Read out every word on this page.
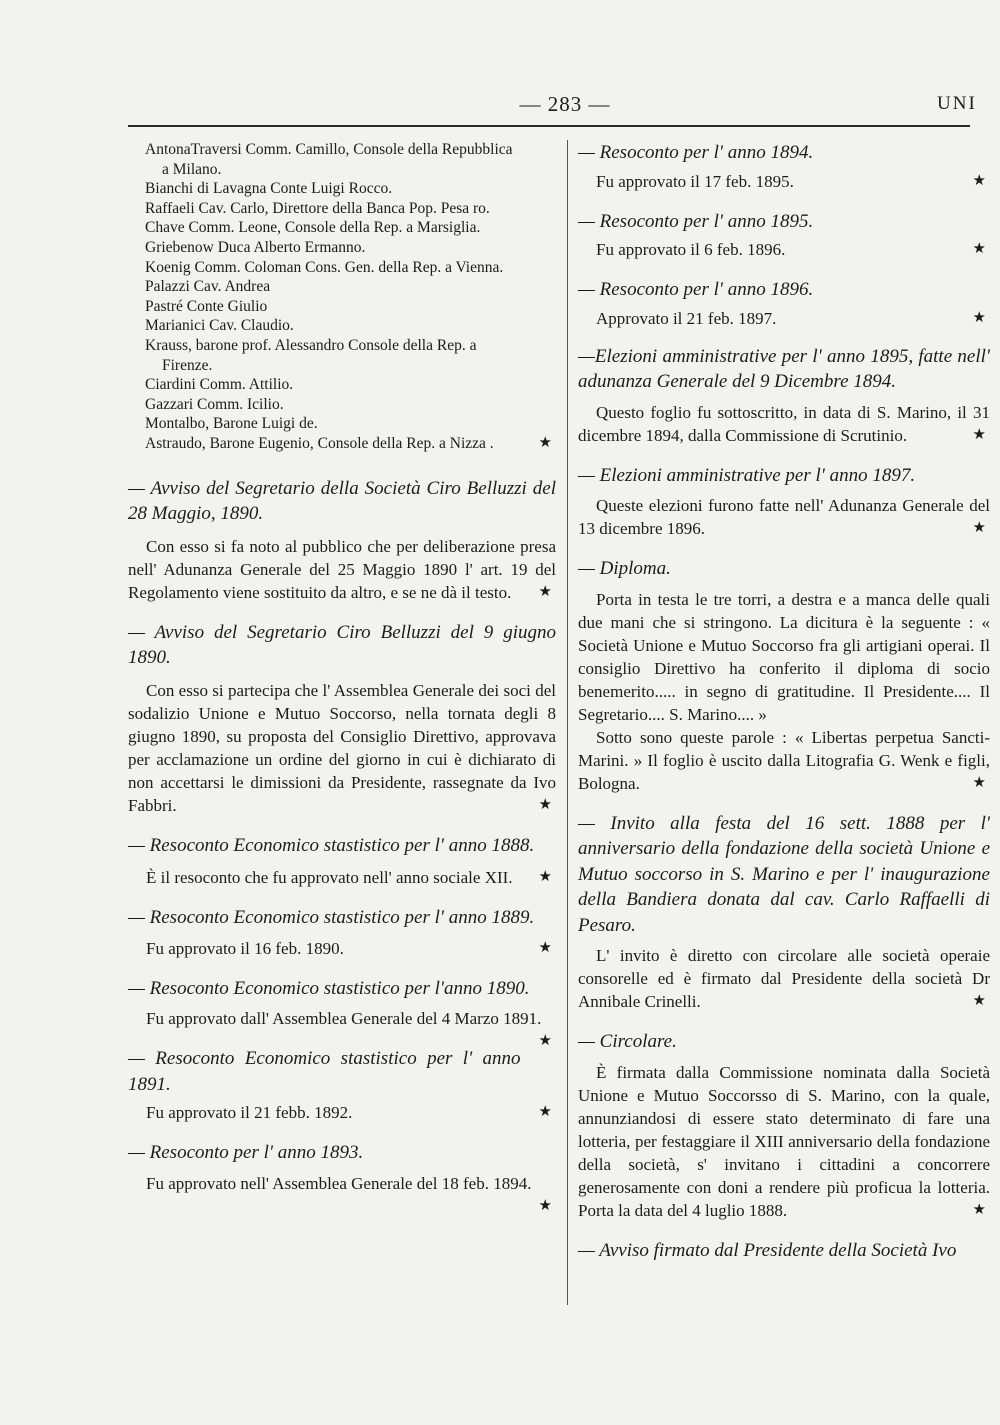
— 283 —	UNI

AntonaTraversi Comm. Camillo, Console della Repubblica

a Milano.

Bianchi di Lavagna Conte Luigi Rocco.

Raffaeli Cav. Carlo, Direttore della Banca Pop. Pesa ro.

Chave Comm. Leone, Console della Rep. a Marsiglia.

Griebenow Duca Alberto Ermanno.

Koenig Comm. Coloman Cons. Gen. della Rep. a Vienna.

Palazzi Cav. Andrea

Pastré Conte Giulio

Marianici Cav. Claudio.

Krauss, barone prof. Alessandro Console della Rep. a

Firenze.

Ciardini Comm. Attilio.

Gazzari Comm. Icilio.

Montalbo, Barone Luigi de.

Astraudo, Barone Eugenio, Console della Rep. a Nizza .	★

— Avviso del Segretario della Società Ciro Belluzzi del 28 Maggio, 1890.

Con esso si fa noto al pubblico che per deliberazione presa nell' Adunanza Generale del 25 Maggio 1890 l' art. 19 del Regolamento viene sostituito da altro, e se ne dà il testo.	★

— Avviso del Segretario Ciro Belluzzi del 9 giugno 1890.

Con esso si partecipa che l' Assemblea Generale dei soci del sodalizio Unione e Mutuo Soccorso, nella tornata degli 8 giugno 1890, su proposta del Consiglio Direttivo, approvava per acclamazione un ordine del giorno in cui è dichiarato di non accettarsi le dimissioni da Presidente, rassegnate da Ivo Fabbri.	★

— Resoconto Economico stastistico per l' anno 1888.

È il resoconto che fu approvato nell' anno sociale XII.	★

— Resoconto Economico stastistico per l' anno 1889.

Fu approvato il 16 feb. 1890.	★

— Resoconto Economico stastistico per l'anno 1890.

Fu approvato dall' Assemblea Generale del 4 Marzo 1891.
★

— Resoconto Economico stastistico per l' anno 1891.

Fu approvato il 21 febb. 1892.	★

— Resoconto per l' anno 1893.

Fu approvato nell' Assemblea Generale del 18 feb. 1894.
★

— Resoconto per l' anno 1894.

Fu approvato il 17 feb. 1895.	★

— Resoconto per l' anno 1895.

Fu approvato il 6 feb. 1896.	★

— Resoconto per l' anno 1896.

Approvato il 21 feb. 1897.	★

—Elezioni amministrative per l' anno 1895, fatte nell' adunanza Generale del 9 Dicembre 1894.

Questo foglio fu sottoscritto, in data di S. Marino, il 31 dicembre 1894, dalla Commissione di Scrutinio.	★

— Elezioni amministrative per l' anno 1897.

Queste elezioni furono fatte nell' Adunanza Generale del 13 dicembre 1896.	★

— Diploma.

Porta in testa le tre torri, a destra e a manca delle quali due mani che si stringono. La dicitura è la seguente : « Società Unione e Mutuo Soccorso fra gli artigiani operai. Il consiglio Direttivo ha conferito il diploma di socio benemerito..... in segno di gratitudine. Il Presidente.... Il Segretario.... S. Marino.... »

Sotto sono queste parole : « Libertas perpetua Sancti-Marini. » Il foglio è uscito dalla Litografia G. Wenk e figli, Bologna.	★

— Invito alla festa del 16 sett. 1888 per l' anniversario della fondazione della società Unione e Mutuo soccorso in S. Marino e per l' inaugurazione della Bandiera donata dal cav. Carlo Raffaelli di Pesaro.

L' invito è diretto con circolare alle società operaie consorelle ed è firmato dal Presidente della società Dr Annibale Crinelli.	★

— Circolare.

È firmata dalla Commissione nominata dalla Società Unione e Mutuo Soccorsso di S. Marino, con la quale, annunziandosi di essere stato determinato di fare una lotteria, per festaggiare il XIII anniversario della fondazione della società, s' invitano i cittadini a concorrere generosamente con doni a rendere più proficua la lotteria. Porta la data del 4 luglio 1888.	★

— Avviso firmato dal Presidente della Società Ivo
